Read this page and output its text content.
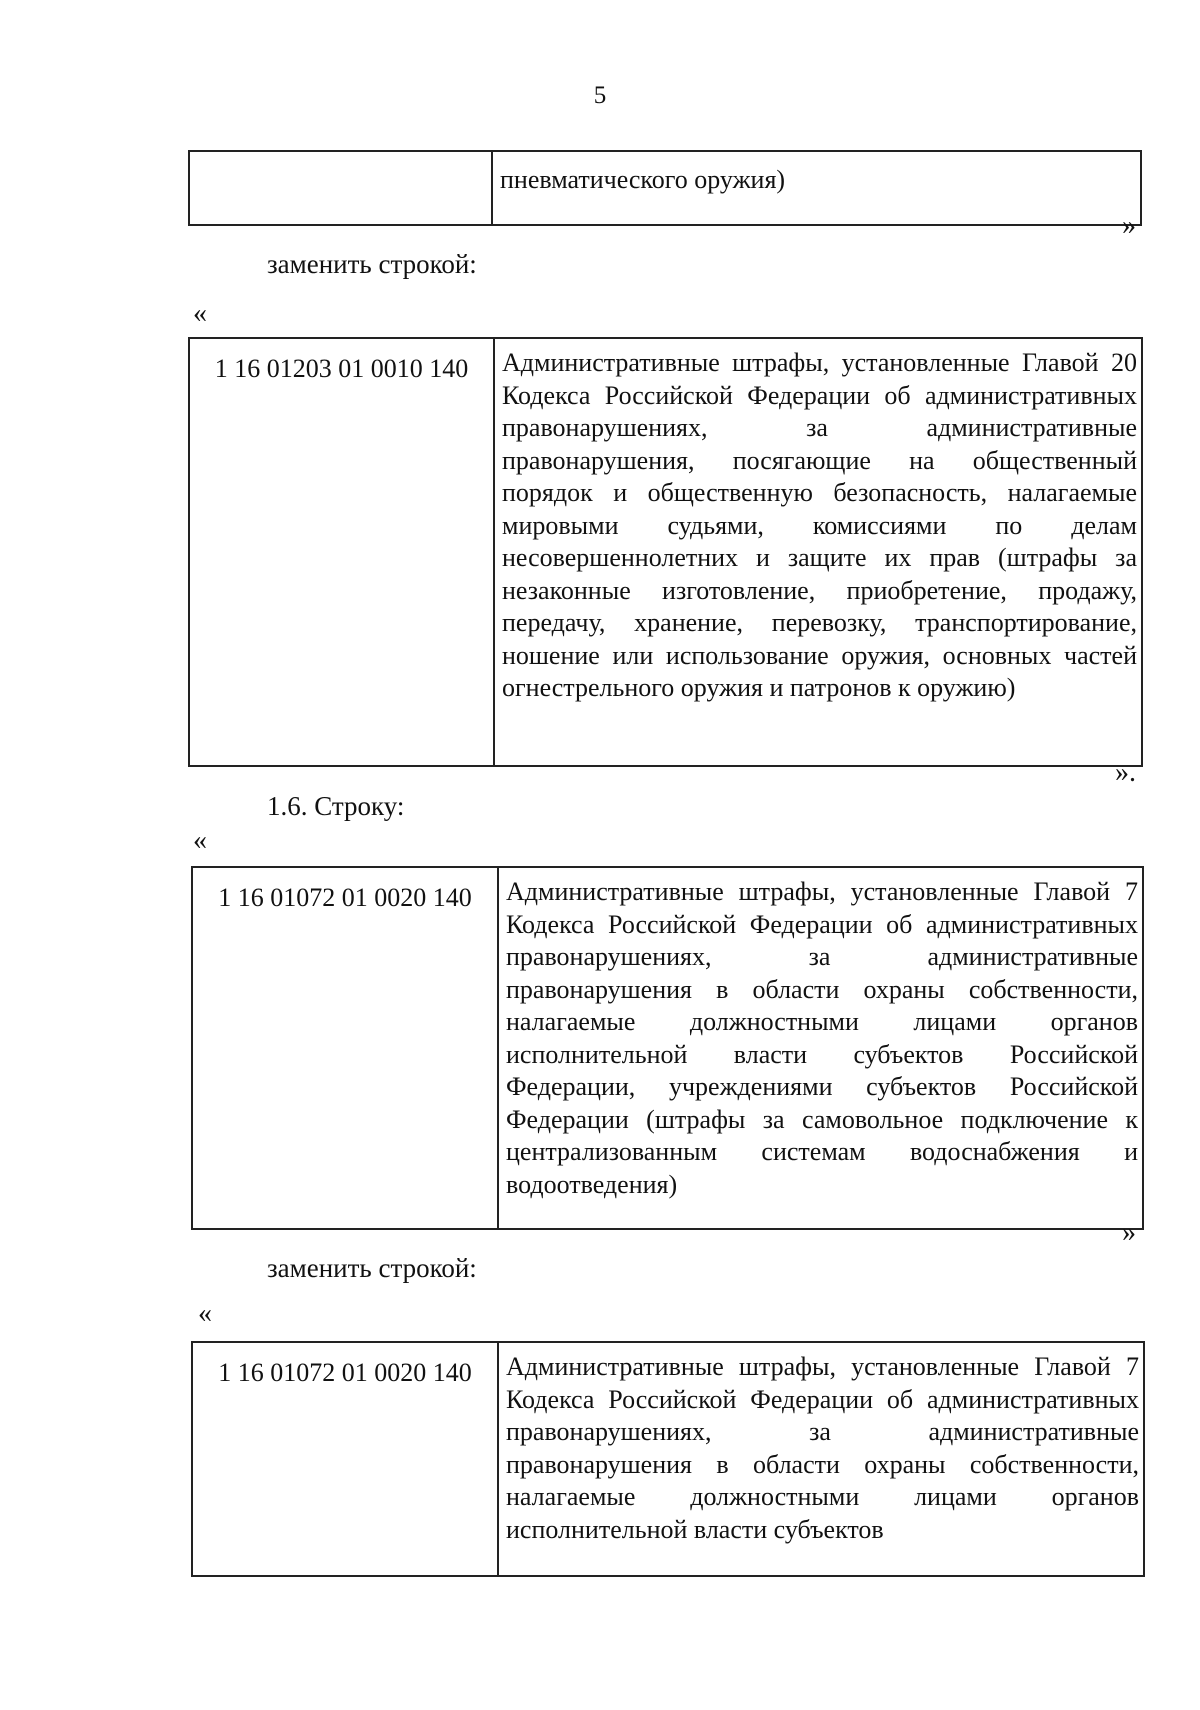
5
	пневматического оружия)
»
заменить строкой:
«
1 16 01203 01 0010 140	Административные штрафы, установленные Главой 20 Кодекса Российской Федерации об административных правонарушениях, за административные правонарушения, посягающие на общественный порядок и общественную безопасность, налагаемые мировыми судьями, комиссиями по делам несовершеннолетних и защите их прав (штрафы за незаконные изготовление, приобретение, продажу, передачу, хранение, перевозку, транспортирование, ношение или использование оружия, основных частей огнестрельного оружия и патронов к оружию)
».
1.6. Строку:
«
1 16 01072 01 0020 140	Административные штрафы, установленные Главой 7 Кодекса Российской Федерации об административных правонарушениях, за административные правонарушения в области охраны собственности, налагаемые должностными лицами органов исполнительной власти субъектов Российской Федерации, учреждениями субъектов Российской Федерации (штрафы за самовольное подключение к централизованным системам водоснабжения и водоотведения)
»
заменить строкой:
«
1 16 01072 01 0020 140	Административные штрафы, установленные Главой 7 Кодекса Российской Федерации об административных правонарушениях, за административные правонарушения в области охраны собственности, налагаемые должностными лицами органов исполнительной власти субъектов
